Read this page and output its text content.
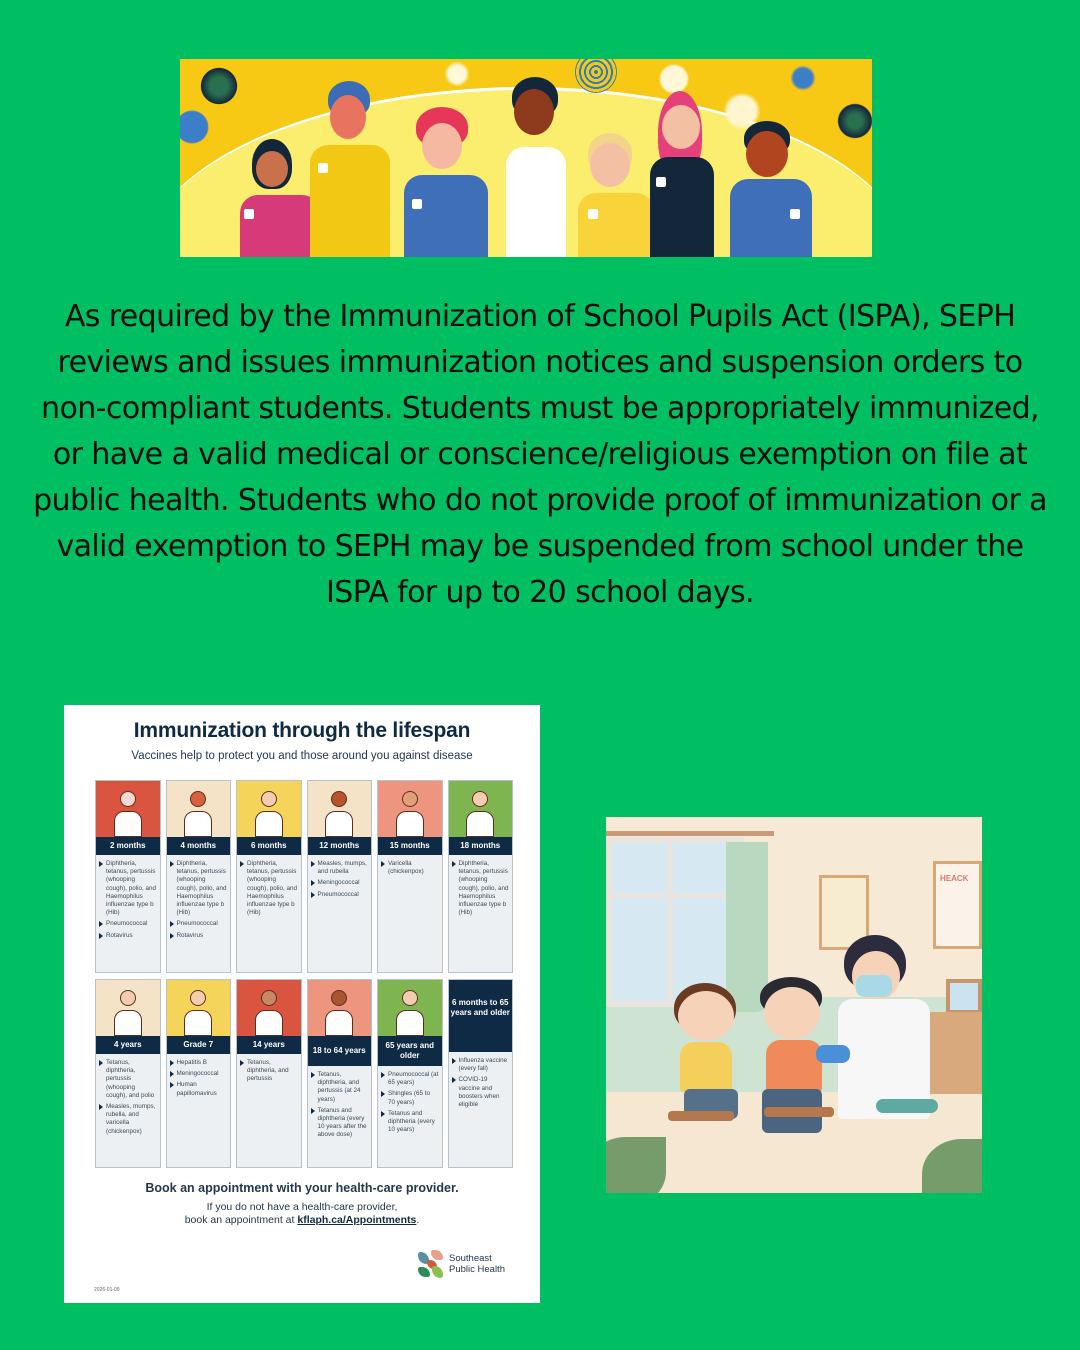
As required by the Immunization of School Pupils Act (ISPA), SEPH reviews and issues immunization notices and suspension orders to non-compliant students. Students must be appropriately immunized, or have a valid medical or conscience/religious exemption on file at public health. Students who do not provide proof of immunization or a valid exemption to SEPH may be suspended from school under the ISPA for up to 20 school days.

Immunization through the lifespan
Vaccines help to protect you and those around you against disease
2 months
Diphtheria, tetanus, pertussis (whooping cough), polio, and Haemophilus influenzae type b (Hib)
Pneumococcal
Rotavirus
4 months
Diphtheria, tetanus, pertussis (whooping cough), polio, and Haemophilus influenzae type b (Hib)
Pneumococcal
Rotavirus
6 months
Diphtheria, tetanus, pertussis (whooping cough), polio, and Haemophilus influenzae type b (Hib)
12 months
Measles, mumps, and rubella
Meningococcal
Pneumococcal
15 months
Varicella (chickenpox)
18 months
Diphtheria, tetanus, pertussis (whooping cough), polio, and Haemophilus influenzae type b (Hib)
4 years
Tetanus, diphtheria, pertussis (whooping cough), and polio
Measles, mumps, rubella, and varicella (chickenpox)
Grade 7
Hepatitis B
Meningococcal
Human papillomavirus
14 years
Tetanus, diphtheria, and pertussis
18 to 64 years
Tetanus, diphtheria, and pertussis (at 24 years)
Tetanus and diphtheria (every 10 years after the above dose)
65 years and older
Pneumococcal (at 65 years)
Shingles (65 to 70 years)
Tetanus and diphtheria (every 10 years)
6 months to 65 years and older
Influenza vaccine (every fall)
COVID-19 vaccine and boosters when eligible
Book an appointment with your health-care provider.
If you do not have a health-care provider,
book an appointment at kflaph.ca/Appointments.
Southeast
Public Health
2026-01-09
HEACK
